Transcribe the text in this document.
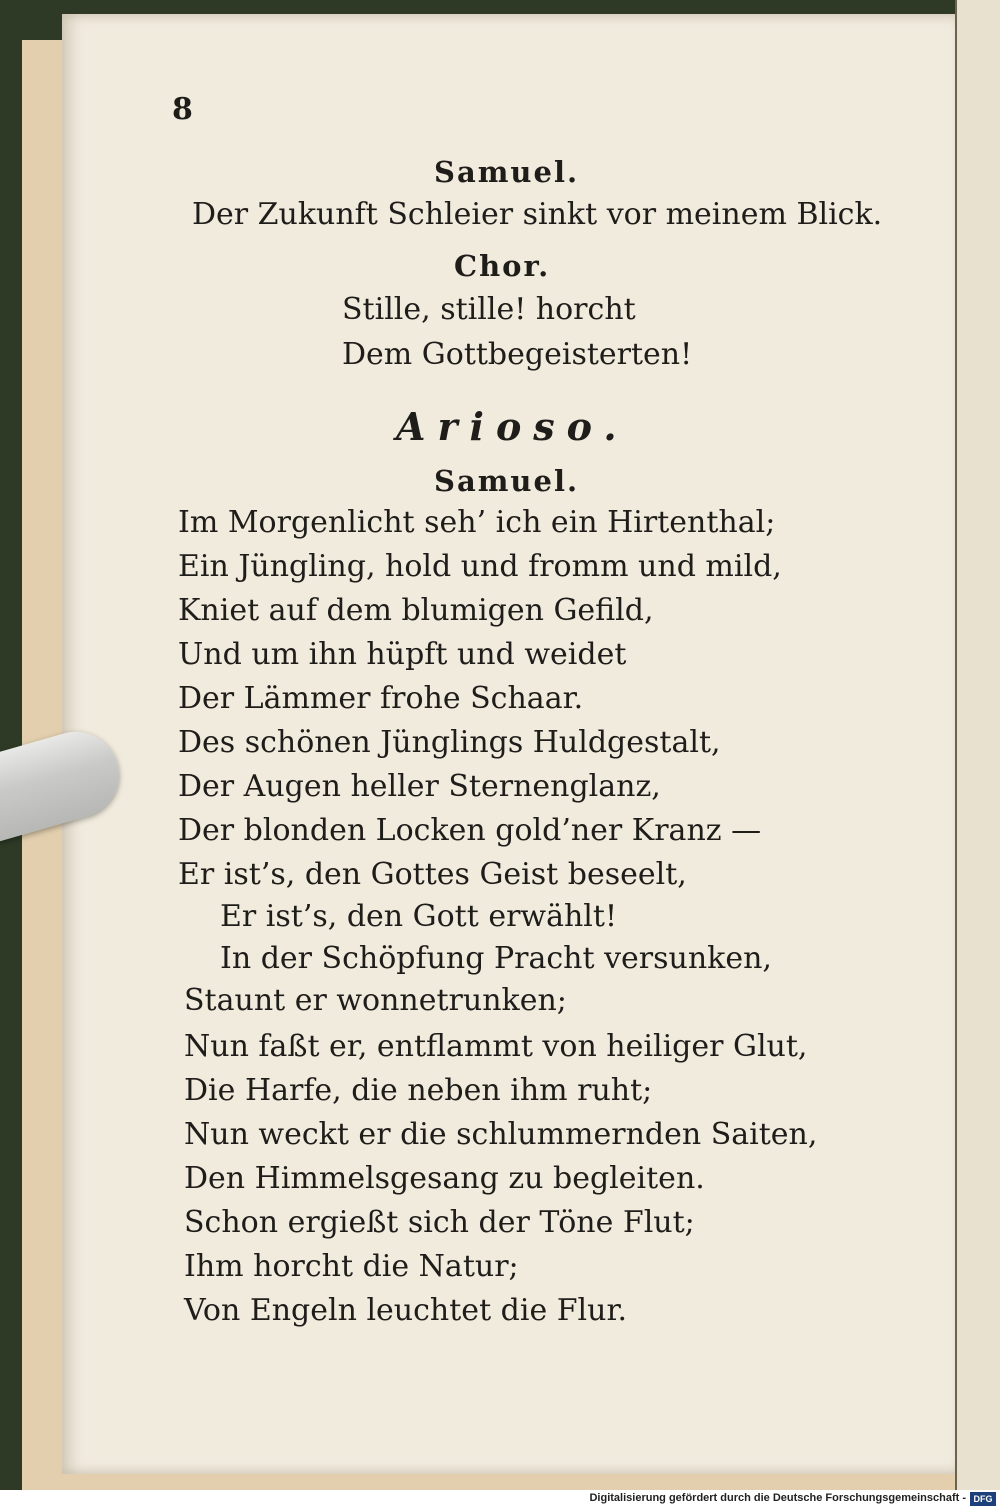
8
Samuel.
Der Zukunft Schleier sinkt vor meinem Blick.
Chor.
Stille, stille! horcht
Dem Gottbegeisterten!
Arioso.
Samuel.
Im Morgenlicht seh’ ich ein Hirtenthal;
Ein Jüngling, hold und fromm und mild,
Kniet auf dem blumigen Gefild,
Und um ihn hüpft und weidet
Der Lämmer frohe Schaar.
Des schönen Jünglings Huldgestalt,
Der Augen heller Sternenglanz,
Der blonden Locken gold’ner Kranz —
Er ist’s, den Gottes Geist beseelt,
Er ist’s, den Gott erwählt!
In der Schöpfung Pracht versunken,
Staunt er wonnetrunken;
Nun faßt er, entflammt von heiliger Glut,
Die Harfe, die neben ihm ruht;
Nun weckt er die schlummernden Saiten,
Den Himmelsgesang zu begleiten.
Schon ergießt sich der Töne Flut;
Ihm horcht die Natur;
Von Engeln leuchtet die Flur.
Digitalisierung gefördert durch die Deutsche Forschungsgemeinschaft - DFG
